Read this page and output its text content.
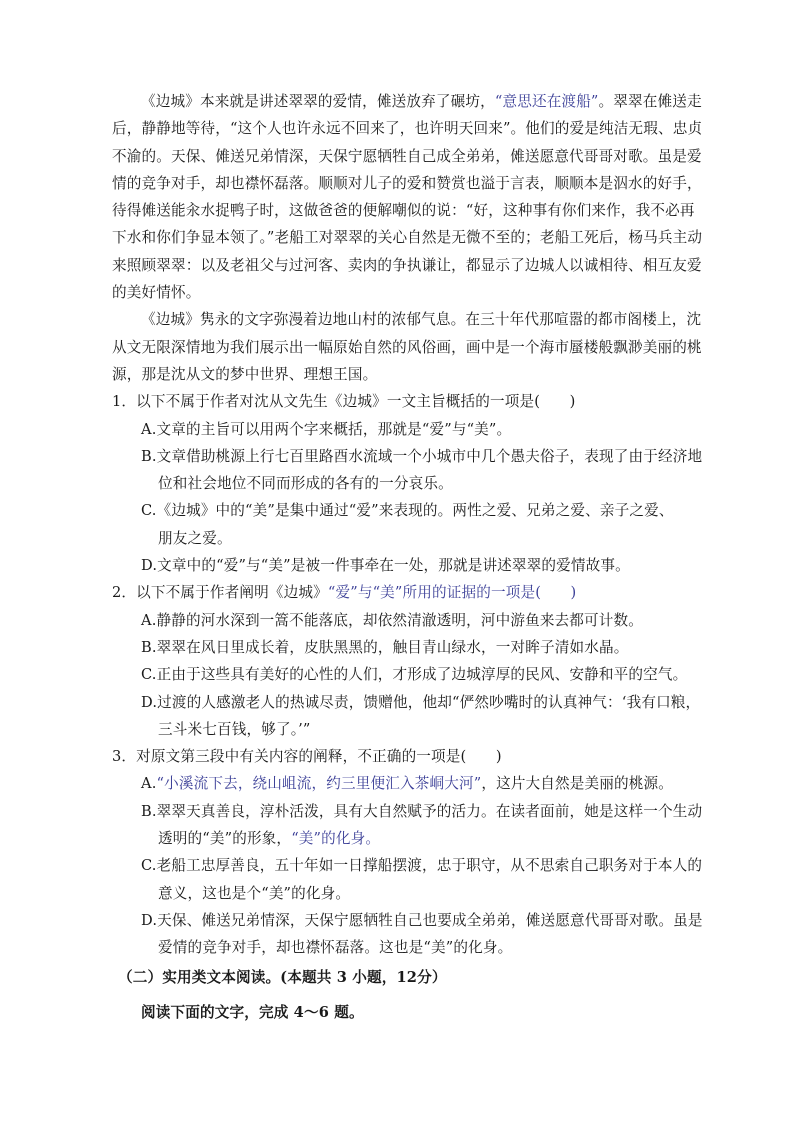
《边城》本来就是讲述翠翠的爱情，傩送放弃了碾坊，“意思还在渡船”。翠翠在傩送走
后，静静地等待，“这个人也许永远不回来了，也许明天回来”。他们的爱是纯洁无瑕、忠贞
不渝的。天保、傩送兄弟情深，天保宁愿牺牲自己成全弟弟，傩送愿意代哥哥对歌。虽是爱
情的竞争对手，却也襟怀磊落。顺顺对儿子的爱和赞赏也溢于言表，顺顺本是泅水的好手，
待得傩送能汆水捉鸭子时，这做爸爸的便解嘲似的说：“好，这种事有你们来作，我不必再
下水和你们争显本领了。”老船工对翠翠的关心自然是无微不至的；老船工死后，杨马兵主动
来照顾翠翠：以及老祖父与过河客、卖肉的争执谦让，都显示了边城人以诚相待、相互友爱
的美好情怀。
《边城》隽永的文字弥漫着边地山村的浓郁气息。在三十年代那喧嚣的都市阁楼上，沈
从文无限深情地为我们展示出一幅原始自然的风俗画，画中是一个海市蜃楼般飘渺美丽的桃
源，那是沈从文的梦中世界、理想王国。
1．以下不属于作者对沈从文先生《边城》一文主旨概括的一项是(　　)
A.文章的主旨可以用两个字来概括，那就是“爱”与“美”。
B.文章借助桃源上行七百里路酉水流域一个小城市中几个愚夫俗子，表现了由于经济地
位和社会地位不同而形成的各有的一分哀乐。
C.《边城》中的“美”是集中通过“爱”来表现的。两性之爱、兄弟之爱、亲子之爱、
朋友之爱。
D.文章中的“爱”与“美”是被一件事牵在一处，那就是讲述翠翠的爱情故事。
2．以下不属于作者阐明《边城》“爱”与“美”所用的证据的一项是(　　)
A.静静的河水深到一篙不能落底，却依然清澈透明，河中游鱼来去都可计数。
B.翠翠在风日里成长着，皮肤黑黑的，触目青山绿水，一对眸子清如水晶。
C.正由于这些具有美好的心性的人们，才形成了边城淳厚的民风、安静和平的空气。
D.过渡的人感激老人的热诚尽责，馈赠他，他却“俨然吵嘴时的认真神气：‘我有口粮，
三斗米七百钱，够了。’”
3．对原文第三段中有关内容的阐释，不正确的一项是(　　)
A.“小溪流下去，绕山岨流，约三里便汇入茶峒大河”，这片大自然是美丽的桃源。
B.翠翠天真善良，淳朴活泼，具有大自然赋予的活力。在读者面前，她是这样一个生动
透明的“美”的形象，“美”的化身。
C.老船工忠厚善良，五十年如一日撑船摆渡，忠于职守，从不思索自己职务对于本人的
意义，这也是个“美”的化身。
D.天保、傩送兄弟情深，天保宁愿牺牲自己也要成全弟弟，傩送愿意代哥哥对歌。虽是
爱情的竞争对手，却也襟怀磊落。这也是“美”的化身。
（二）实用类文本阅读。(本题共 3 小题，12分）
阅读下面的文字，完成 4～6 题。
